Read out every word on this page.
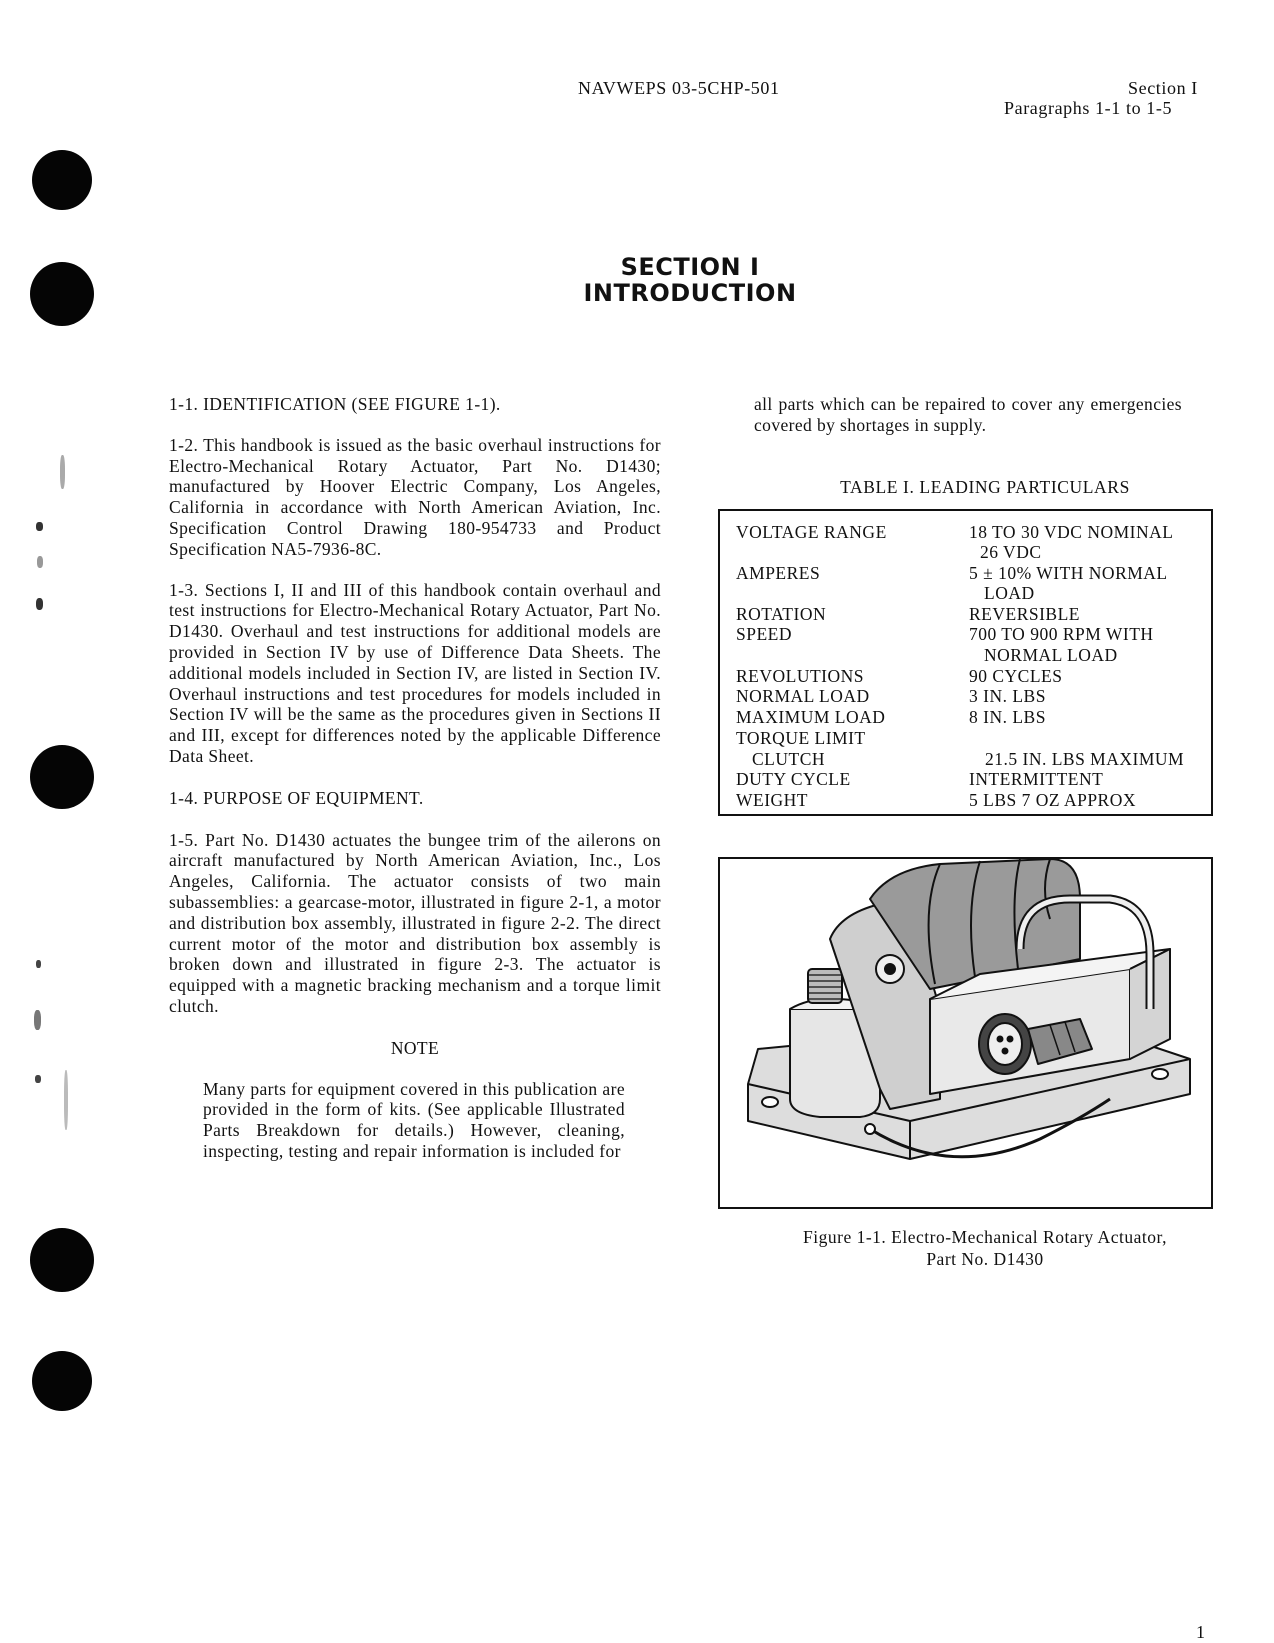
NAVWEPS 03-5CHP-501	Section I
Paragraphs 1-1 to 1-5
SECTION I
INTRODUCTION

1-1. IDENTIFICATION (SEE FIGURE 1-1).

1-2. This handbook is issued as the basic overhaul instructions for Electro-Mechanical Rotary Actuator, Part No. D1430; manufactured by Hoover Electric Company, Los Angeles, California in accordance with North American Aviation, Inc. Specification Control Drawing 180-954733 and Product Specification NA5-7936-8C.

1-3. Sections I, II and III of this handbook contain overhaul and test instructions for Electro-Mechanical Rotary Actuator, Part No. D1430. Overhaul and test instructions for additional models are provided in Section IV by use of Difference Data Sheets. The additional models included in Section IV, are listed in Section IV. Overhaul instructions and test procedures for models included in Section IV will be the same as the procedures given in Sections II and III, except for differences noted by the applicable Difference Data Sheet.

1-4. PURPOSE OF EQUIPMENT.

1-5. Part No. D1430 actuates the bungee trim of the ailerons on aircraft manufactured by North American Aviation, Inc., Los Angeles, California. The actuator consists of two main subassemblies: a gearcase-motor, illustrated in figure 2-1, a motor and distribution box assembly, illustrated in figure 2-2. The direct current motor of the motor and distribution box assembly is broken down and illustrated in figure 2-3. The actuator is equipped with a magnetic bracking mechanism and a torque limit clutch.

NOTE

Many parts for equipment covered in this publication are provided in the form of kits. (See applicable Illustrated Parts Breakdown for details.) However, cleaning, inspecting, testing and repair information is included for

all parts which can be repaired to cover any emergencies covered by shortages in supply.

TABLE I. LEADING PARTICULARS
VOLTAGE RANGE	18 TO 30 VDC NOMINAL
26 VDC
AMPERES	5 ± 10% WITH NORMAL
LOAD
ROTATION	REVERSIBLE
SPEED	700 TO 900 RPM WITH
NORMAL LOAD
REVOLUTIONS	90 CYCLES
NORMAL LOAD	3 IN. LBS
MAXIMUM LOAD	8 IN. LBS
TORQUE LIMIT
CLUTCH	21.5 IN. LBS MAXIMUM
DUTY CYCLE	INTERMITTENT
WEIGHT	5 LBS 7 OZ APPROX
Figure 1-1. Electro-Mechanical Rotary Actuator,
Part No. D1430
1
